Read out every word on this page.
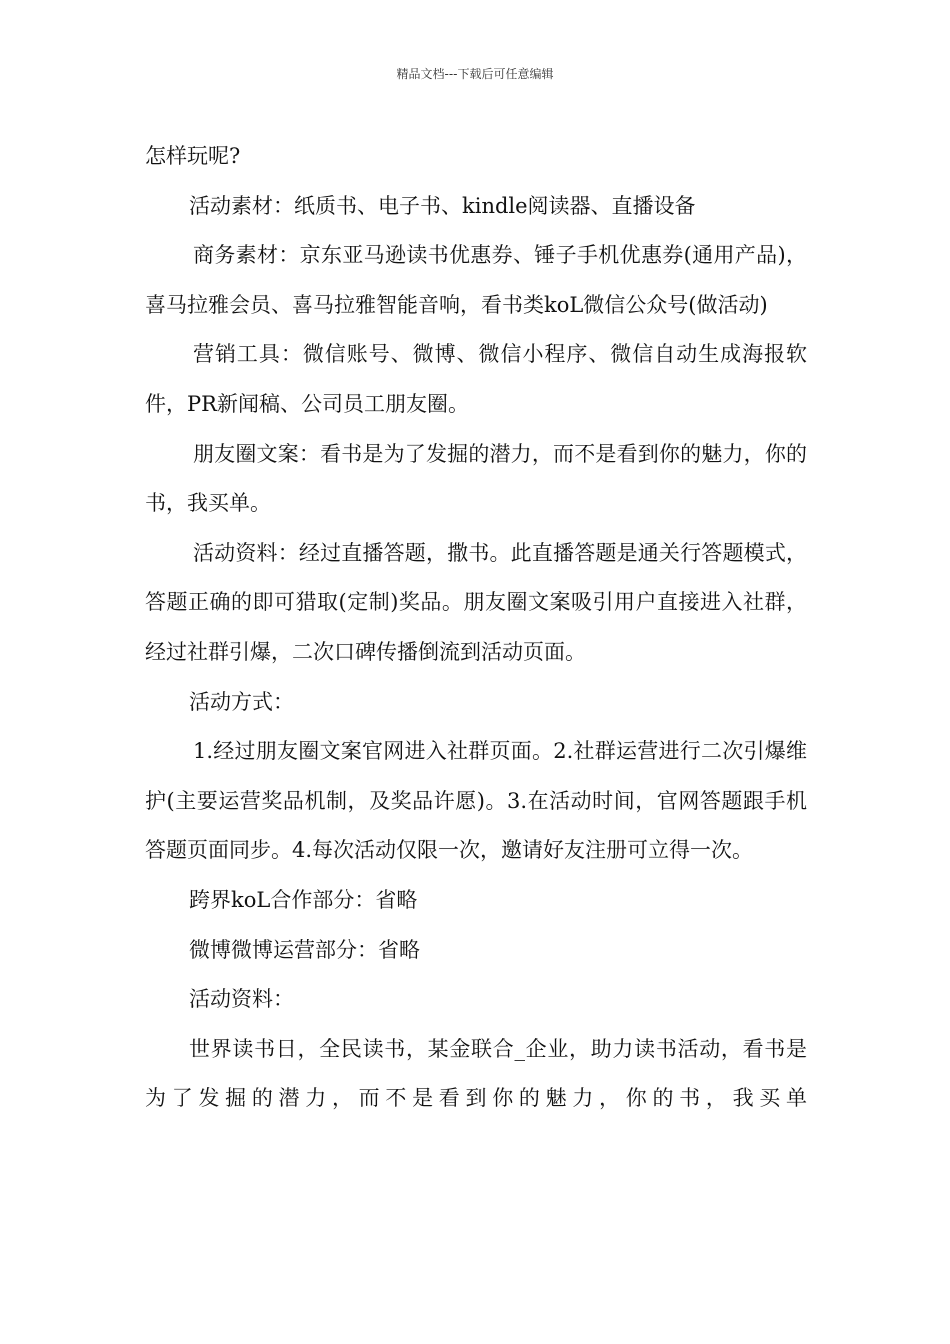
精品文档---下载后可任意编辑

怎样玩呢?

活动素材：纸质书、电子书、kindle阅读器、直播设备

商务素材：京东亚马逊读书优惠券、锤子手机优惠券(通用产品)，喜马拉雅会员、喜马拉雅智能音响，看书类koL微信公众号(做活动)

营销工具：微信账号、微博、微信小程序、微信自动生成海报软件，PR新闻稿、公司员工朋友圈。

朋友圈文案：看书是为了发掘的潜力，而不是看到你的魅力，你的书，我买单。

活动资料：经过直播答题，撒书。此直播答题是通关行答题模式，答题正确的即可猎取(定制)奖品。朋友圈文案吸引用户直接进入社群，经过社群引爆，二次口碑传播倒流到活动页面。

活动方式：

1.经过朋友圈文案官网进入社群页面。2.社群运营进行二次引爆维护(主要运营奖品机制，及奖品许愿)。3.在活动时间，官网答题跟手机答题页面同步。4.每次活动仅限一次，邀请好友注册可立得一次。

跨界koL合作部分：省略

微博微博运营部分：省略

活动资料：

世界读书日，全民读书，某金联合_企业，助力读书活动，看书是为了发掘的潜力，而不是看到你的魅力，你的书，我买单
